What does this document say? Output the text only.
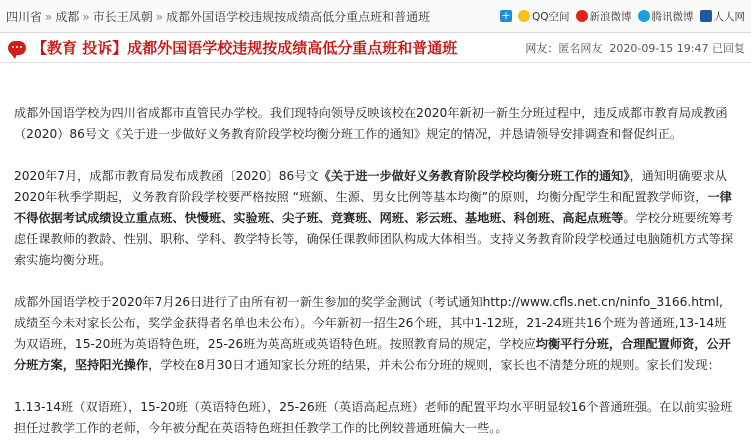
四川省 » 成都 » 市长王凤朝 » 成都外国语学校违规按成绩高低分重点班和普通班	+ QQ空间 新浪微博 腾讯微博 人人网
【教育 投诉】成都外国语学校违规按成绩高低分重点班和普通班	网友：匿名网友 2020-09-15 19:47 已回复

成都外国语学校为四川省成都市直管民办学校。我们现特向领导反映该校在2020年新初一新生分班过程中，违反成都市教育局成教函（2020）86号文《关于进一步做好义务教育阶段学校均衡分班工作的通知》规定的情况，并恳请领导安排调查和督促纠正。

2020年7月，成都市教育局发布成教函〔2020〕86号文《关于进一步做好义务教育阶段学校均衡分班工作的通知》，通知明确要求从2020年秋季学期起，义务教育阶段学校要严格按照 “班额、生源、男女比例等基本均衡”的原则，均衡分配学生和配置教学师资，一律不得依据考试成绩设立重点班、快慢班、实验班、尖子班、竞赛班、网班、彩云班、基地班、科创班、高起点班等。学校分班要统筹考虑任课教师的教龄、性别、职称、学科、教学特长等，确保任课教师团队构成大体相当。支持义务教育阶段学校通过电脑随机方式等探索实施均衡分班。

成都外国语学校于2020年7月26日进行了由所有初一新生参加的奖学金测试（考试通知http://www.cfls.net.cn/ninfo_3166.html, 成绩至今未对家长公布，奖学金获得者名单也未公布）。今年新初一招生26个班，其中1-12班，21-24班共16个班为普通班,13-14班为双语班，15-20班为英语特色班，25-26班为英高班或英语特色班。按照教育局的规定，学校应均衡平行分班，合理配置师资，公开分班方案，坚持阳光操作，学校在8月30日才通知家长分班的结果，并未公布分班的规则，家长也不清楚分班的规则。家长们发现：

1.13-14班（双语班），15-20班（英语特色班），25-26班（英语高起点班）老师的配置平均水平明显较16个普通班强。在以前实验班担任过教学工作的老师，今年被分配在英语特色班担任教学工作的比例较普通班偏大一些。。
